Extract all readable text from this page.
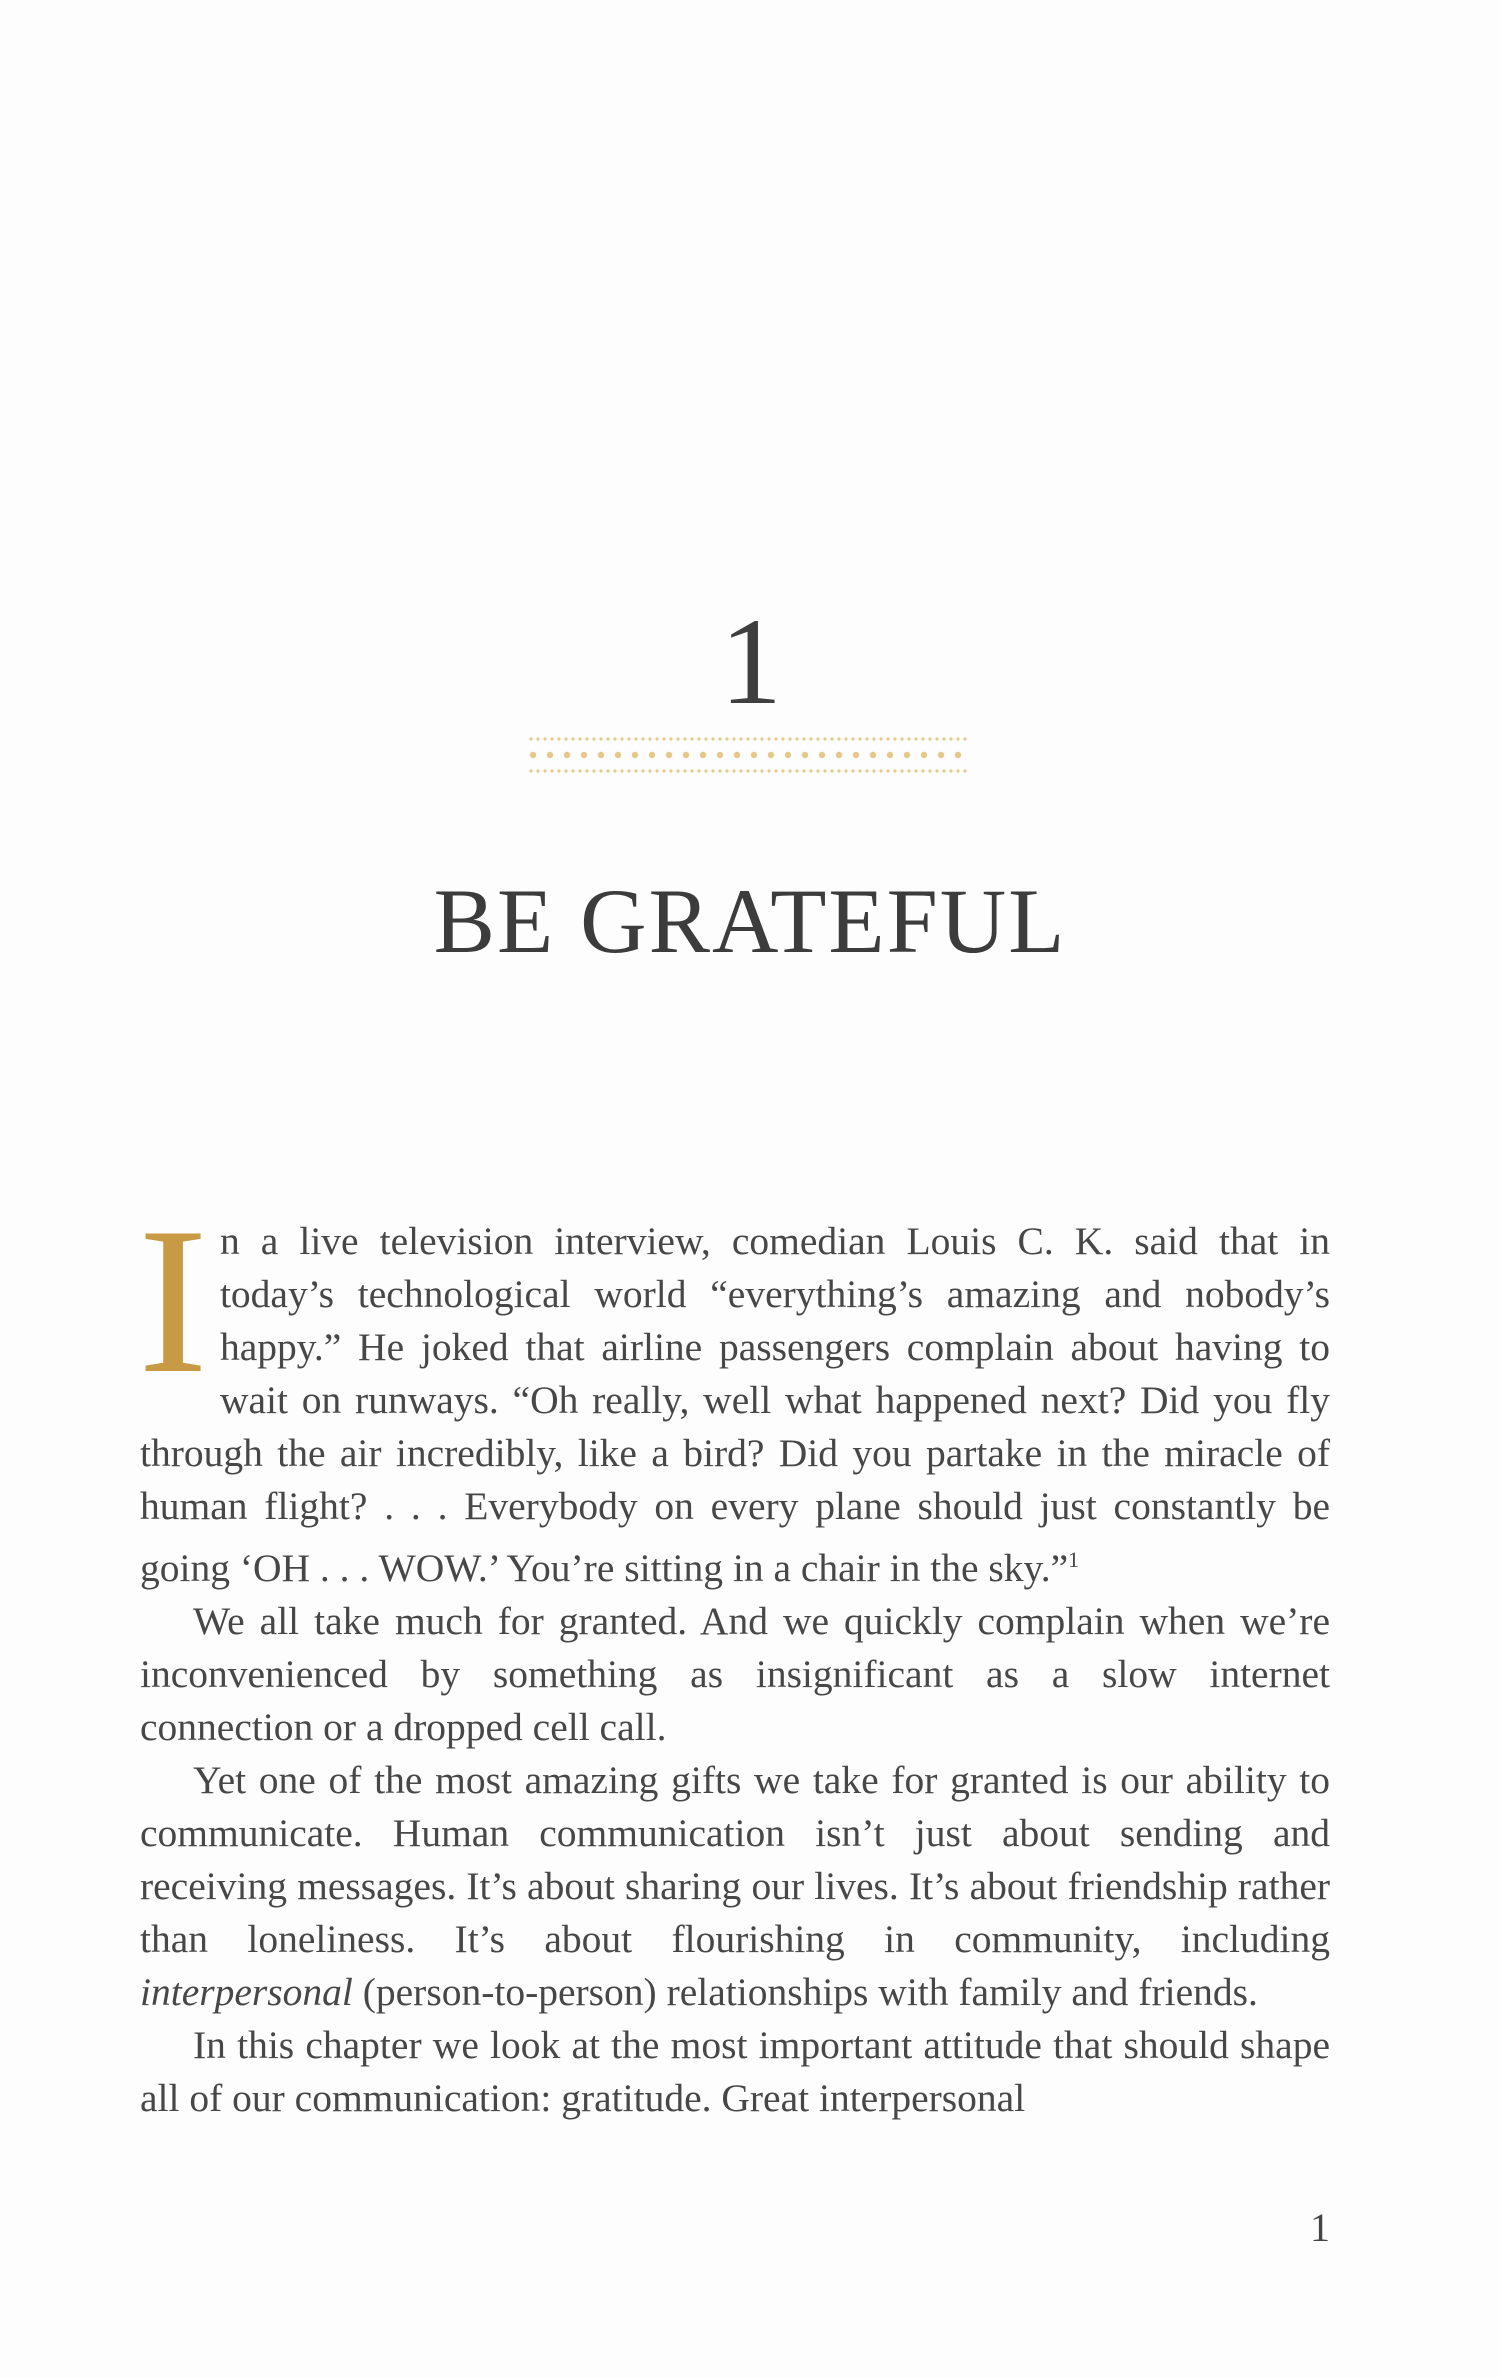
1
BE GRATEFUL

In a live television interview, comedian Louis C. K. said that in today’s technological world “everything’s amazing and nobody’s happy.” He joked that airline passengers complain about having to wait on runways. “Oh really, well what happened next? Did you fly through the air incredibly, like a bird? Did you partake in the miracle of human flight? . . . Everybody on every plane should just constantly be going ‘OH . . . WOW.’ You’re sitting in a chair in the sky.”$^1$

We all take much for granted. And we quickly complain when we’re inconvenienced by something as insignificant as a slow internet connection or a dropped cell call.

Yet one of the most amazing gifts we take for granted is our ability to communicate. Human communication isn’t just about sending and receiving messages. It’s about sharing our lives. It’s about friendship rather than loneliness. It’s about flourishing in community, including interpersonal (person-to-person) relationships with family and friends.

In this chapter we look at the most important attitude that should shape all of our communication: gratitude. Great interpersonal

1
